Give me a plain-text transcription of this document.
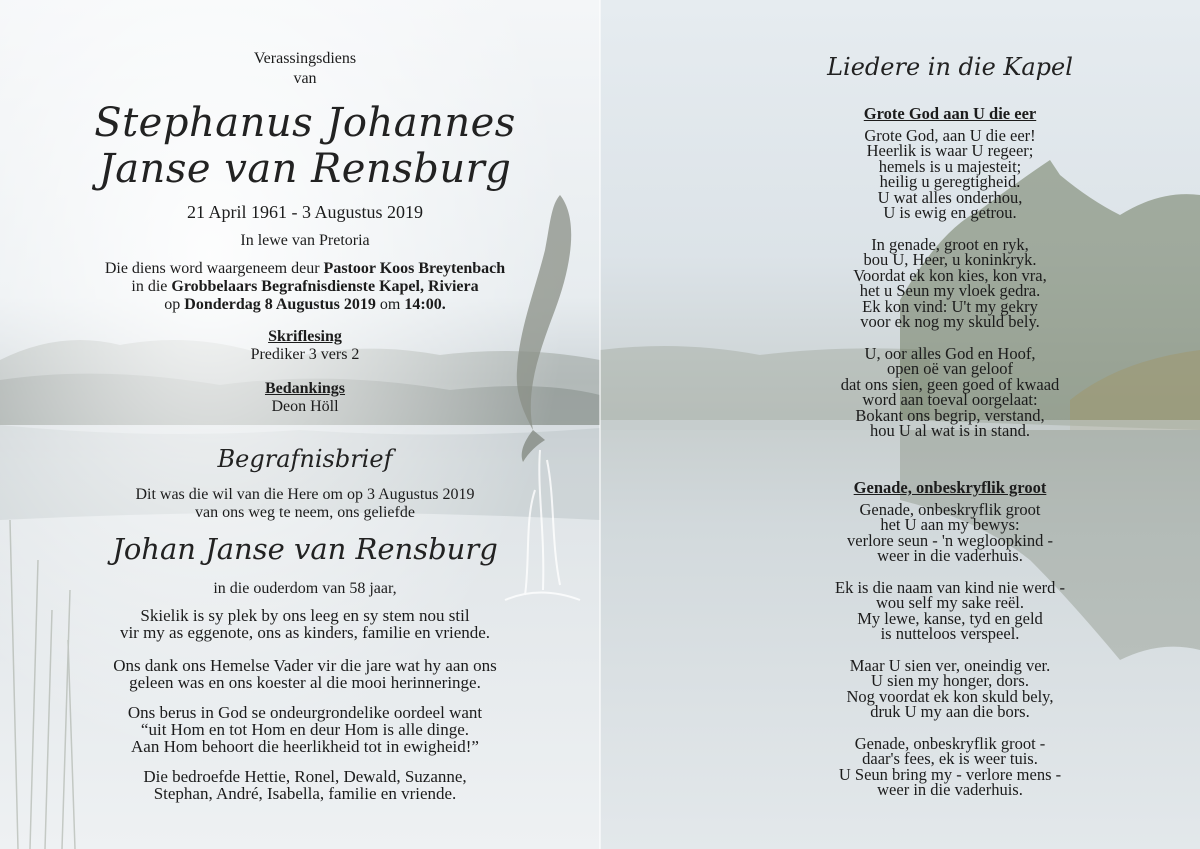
Verassingsdiens

van

Stephanus Johannes

Janse van Rensburg

21 April 1961 - 3 Augustus 2019

In lewe van Pretoria

Die diens word waargeneem deur Pastoor Koos Breytenbach

in die Grobbelaars Begrafnisdienste Kapel, Riviera

op Donderdag 8 Augustus 2019 om 14:00.

Skriflesing

Prediker 3 vers 2

Bedankings

Deon Höll

Begrafnisbrief

Dit was die wil van die Here om op 3 Augustus 2019

van ons weg te neem, ons geliefde

Johan Janse van Rensburg

in die ouderdom van 58 jaar,

Skielik is sy plek by ons leeg en sy stem nou stil

vir my as eggenote, ons as kinders, familie en vriende.

Ons dank ons Hemelse Vader vir die jare wat hy aan ons

geleen was en ons koester al die mooi herinneringe.

Ons berus in God se ondeurgrondelike oordeel want

“uit Hom en tot Hom en deur Hom is alle dinge.

Aan Hom behoort die heerlikheid tot in ewigheid!”

Die bedroefde Hettie, Ronel, Dewald, Suzanne,

Stephan, André, Isabella, familie en vriende.

Liedere in die Kapel

Grote God aan U die eer

Grote God, aan U die eer!

Heerlik is waar U regeer;

hemels is u majesteit;

heilig u geregtigheid.

U wat alles onderhou,

U is ewig en getrou.

In genade, groot en ryk,

bou U, Heer, u koninkryk.

Voordat ek kon kies, kon vra,

het u Seun my vloek gedra.

Ek kon vind: U't my gekry

voor ek nog my skuld bely.

U, oor alles God en Hoof,

open oë van geloof

dat ons sien, geen goed of kwaad

word aan toeval oorgelaat:

Bokant ons begrip, verstand,

hou U al wat is in stand.

Genade, onbeskryflik groot

Genade, onbeskryflik groot

het U aan my bewys:

verlore seun - 'n wegloopkind -

weer in die vaderhuis.

Ek is die naam van kind nie werd -

wou self my sake reël.

My lewe, kanse, tyd en geld

is nutteloos verspeel.

Maar U sien ver, oneindig ver.

U sien my honger, dors.

Nog voordat ek kon skuld bely,

druk U my aan die bors.

Genade, onbeskryflik groot -

daar's fees, ek is weer tuis.

U Seun bring my - verlore mens -

weer in die vaderhuis.
